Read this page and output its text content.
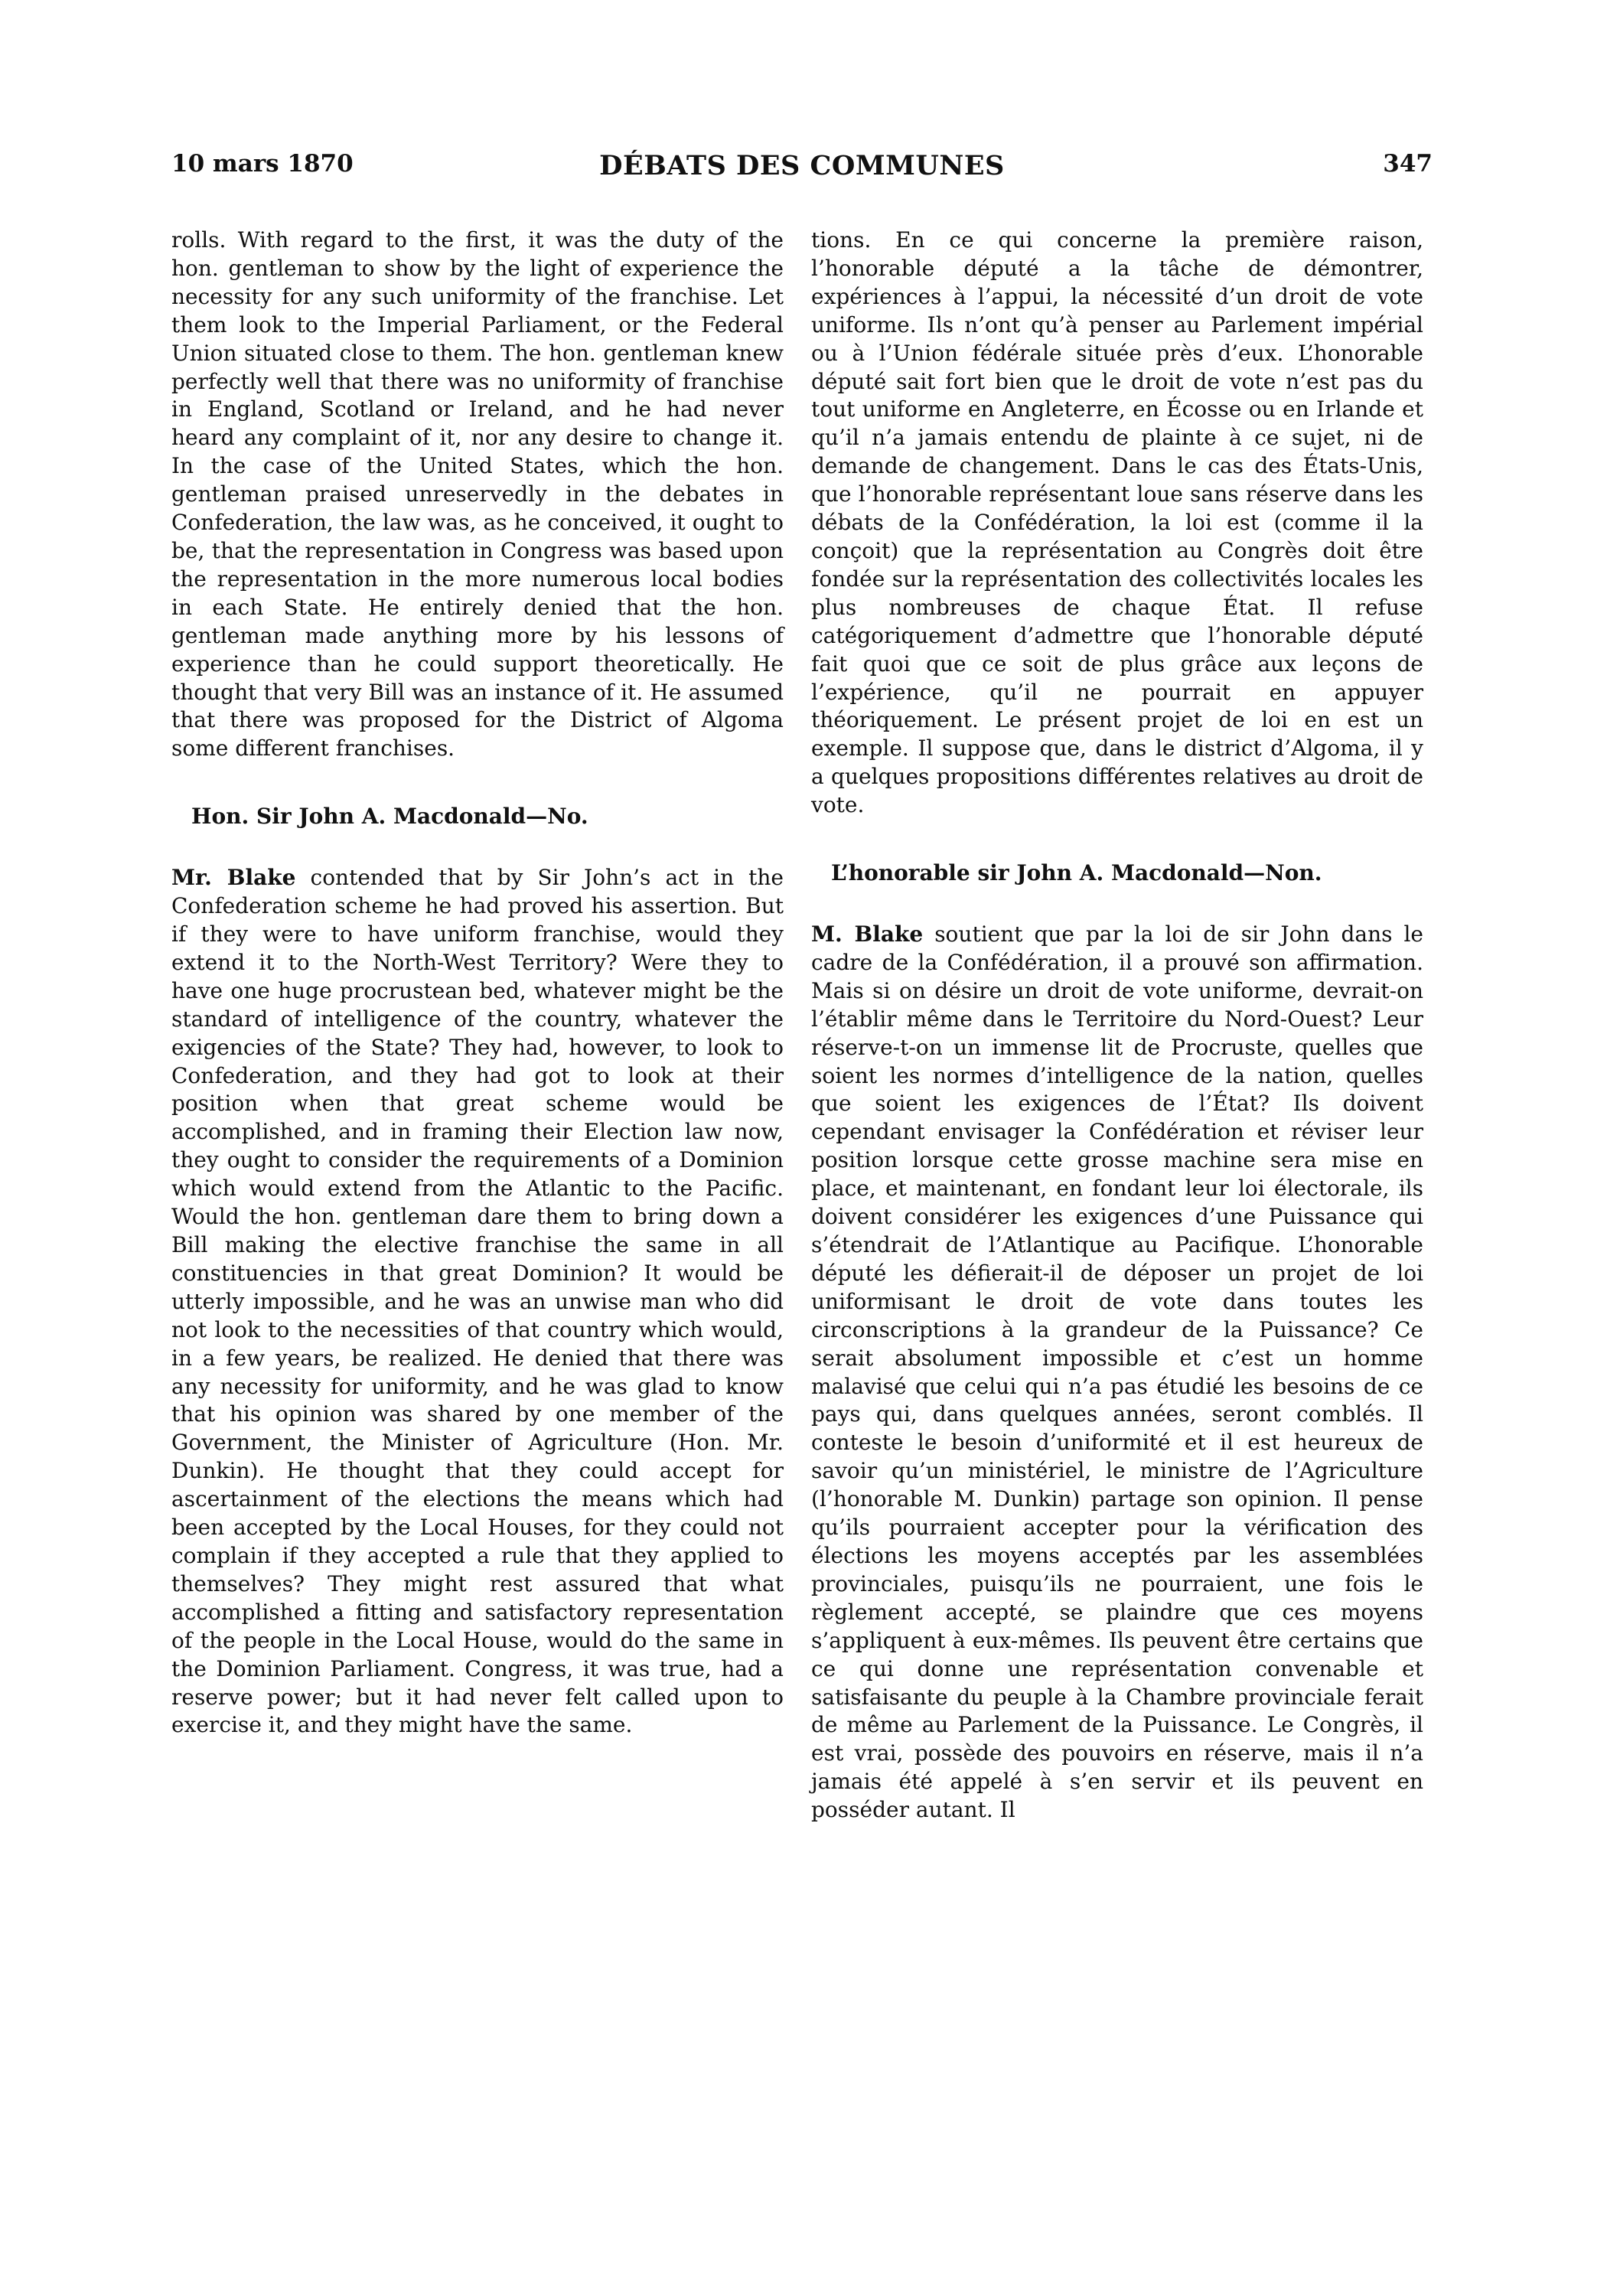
10 mars 1870	DÉBATS DES COMMUNES	347

rolls. With regard to the first, it was the duty of the hon. gentleman to show by the light of experience the necessity for any such uniformity of the franchise. Let them look to the Imperial Parliament, or the Federal Union situated close to them. The hon. gentleman knew perfectly well that there was no uniformity of franchise in England, Scotland or Ireland, and he had never heard any complaint of it, nor any desire to change it. In the case of the United States, which the hon. gentleman praised unreservedly in the debates in Confederation, the law was, as he conceived, it ought to be, that the representation in Congress was based upon the representation in the more numerous local bodies in each State. He entirely denied that the hon. gentleman made anything more by his lessons of experience than he could support theoretically. He thought that very Bill was an instance of it. He assumed that there was proposed for the District of Algoma some different franchises.

Hon. Sir John A. Macdonald—No.

Mr. Blake contended that by Sir John’s act in the Confederation scheme he had proved his assertion. But if they were to have uniform franchise, would they extend it to the North-West Territory? Were they to have one huge procrustean bed, whatever might be the standard of intelligence of the country, whatever the exigencies of the State? They had, however, to look to Confederation, and they had got to look at their position when that great scheme would be accomplished, and in framing their Election law now, they ought to consider the requirements of a Dominion which would extend from the Atlantic to the Pacific. Would the hon. gentleman dare them to bring down a Bill making the elective franchise the same in all constituencies in that great Dominion? It would be utterly impossible, and he was an unwise man who did not look to the necessities of that country which would, in a few years, be realized. He denied that there was any necessity for uniformity, and he was glad to know that his opinion was shared by one member of the Government, the Minister of Agriculture (Hon. Mr. Dunkin). He thought that they could accept for ascertainment of the elections the means which had been accepted by the Local Houses, for they could not complain if they accepted a rule that they applied to themselves? They might rest assured that what accomplished a fitting and satisfactory representation of the people in the Local House, would do the same in the Dominion Parliament. Congress, it was true, had a reserve power; but it had never felt called upon to exercise it, and they might have the same.

tions. En ce qui concerne la première raison, l’honorable député a la tâche de démontrer, expériences à l’appui, la nécessité d’un droit de vote uniforme. Ils n’ont qu’à penser au Parlement impérial ou à l’Union fédérale située près d’eux. L’honorable député sait fort bien que le droit de vote n’est pas du tout uniforme en Angleterre, en Écosse ou en Irlande et qu’il n’a jamais entendu de plainte à ce sujet, ni de demande de changement. Dans le cas des États-Unis, que l’honorable représentant loue sans réserve dans les débats de la Confédération, la loi est (comme il la conçoit) que la représentation au Congrès doit être fondée sur la représentation des collectivités locales les plus nombreuses de chaque État. Il refuse catégoriquement d’admettre que l’honorable député fait quoi que ce soit de plus grâce aux leçons de l’expérience, qu’il ne pourrait en appuyer théoriquement. Le présent projet de loi en est un exemple. Il suppose que, dans le district d’Algoma, il y a quelques propositions différentes relatives au droit de vote.

L’honorable sir John A. Macdonald—Non.

M. Blake soutient que par la loi de sir John dans le cadre de la Confédération, il a prouvé son affirmation. Mais si on désire un droit de vote uniforme, devrait-on l’établir même dans le Territoire du Nord-Ouest? Leur réserve-t-on un immense lit de Procruste, quelles que soient les normes d’intelligence de la nation, quelles que soient les exigences de l’État? Ils doivent cependant envisager la Confédération et réviser leur position lorsque cette grosse machine sera mise en place, et maintenant, en fondant leur loi électorale, ils doivent considérer les exigences d’une Puissance qui s’étendrait de l’Atlantique au Pacifique. L’honorable député les défierait-il de déposer un projet de loi uniformisant le droit de vote dans toutes les circonscriptions à la grandeur de la Puissance? Ce serait absolument impossible et c’est un homme malavisé que celui qui n’a pas étudié les besoins de ce pays qui, dans quelques années, seront comblés. Il conteste le besoin d’uniformité et il est heureux de savoir qu’un ministériel, le ministre de l’Agriculture (l’honorable M. Dunkin) partage son opinion. Il pense qu’ils pourraient accepter pour la vérification des élections les moyens acceptés par les assemblées provinciales, puisqu’ils ne pourraient, une fois le règlement accepté, se plaindre que ces moyens s’appliquent à eux-mêmes. Ils peuvent être certains que ce qui donne une représentation convenable et satisfaisante du peuple à la Chambre provinciale ferait de même au Parlement de la Puissance. Le Congrès, il est vrai, possède des pouvoirs en réserve, mais il n’a jamais été appelé à s’en servir et ils peuvent en posséder autant. Il
